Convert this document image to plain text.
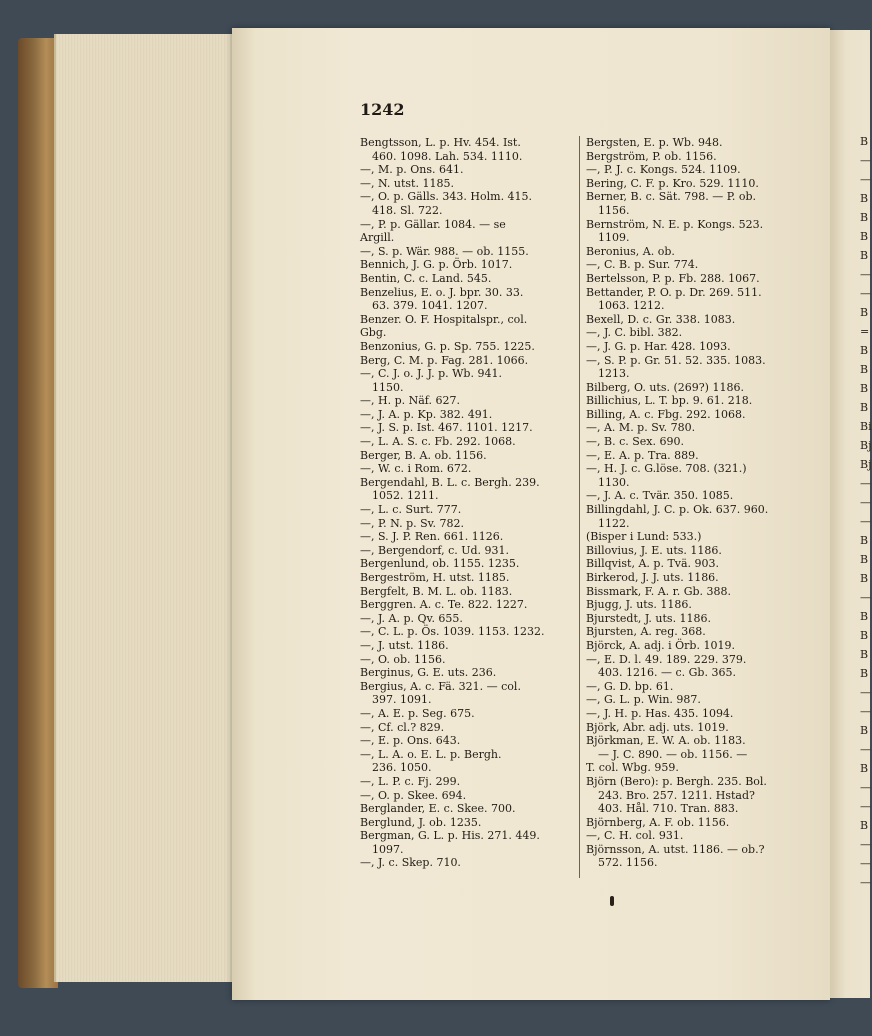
1242
Bengtsson, L. p. Hv. 454. Ist.
460. 1098. Lah. 534. 1110.
—, M. p. Ons. 641.
—, N. utst. 1185.
—, O. p. Gälls. 343. Holm. 415.
418. Sl. 722.
—, P. p. Gällar. 1084. — se
Argill.
—, S. p. Wär. 988. — ob. 1155.
Bennich, J. G. p. Örb. 1017.
Bentin, C. c. Land. 545.
Benzelius, E. o. J. bpr. 30. 33.
63. 379. 1041. 1207.
Benzer. O. F. Hospitalspr., col.
Gbg.
Benzonius, G. p. Sp. 755. 1225.
Berg, C. M. p. Fag. 281. 1066.
—, C. J. o. J. J. p. Wb. 941.
1150.
—, H. p. Näf. 627.
—, J. A. p. Kp. 382. 491.
—, J. S. p. Ist. 467. 1101. 1217.
—, L. A. S. c. Fb. 292. 1068.
Berger, B. A. ob. 1156.
—, W. c. i Rom. 672.
Bergendahl, B. L. c. Bergh. 239.
1052. 1211.
—, L. c. Surt. 777.
—, P. N. p. Sv. 782.
—, S. J. P. Ren. 661. 1126.
—, Bergendorf, c. Ud. 931.
Bergenlund, ob. 1155. 1235.
Bergeström, H. utst. 1185.
Bergfelt, B. M. L. ob. 1183.
Berggren. A. c. Te. 822. 1227.
—, J. A. p. Qv. 655.
—, C. L. p. Ös. 1039. 1153. 1232.
—, J. utst. 1186.
—, O. ob. 1156.
Berginus, G. E. uts. 236.
Bergius, A. c. Fä. 321. — col.
397. 1091.
—, A. E. p. Seg. 675.
—, Cf. cl.? 829.
—, E. p. Ons. 643.
—, L. A. o. E. L. p. Bergh.
236. 1050.
—, L. P. c. Fj. 299.
—, O. p. Skee. 694.
Berglander, E. c. Skee. 700.
Berglund, J. ob. 1235.
Bergman, G. L. p. His. 271. 449.
1097.
—, J. c. Skep. 710.
Bergsten, E. p. Wb. 948.
Bergström, P. ob. 1156.
—, P. J. c. Kongs. 524. 1109.
Bering, C. F. p. Kro. 529. 1110.
Berner, B. c. Sät. 798. — P. ob.
1156.
Bernström, N. E. p. Kongs. 523.
1109.
Beronius, A. ob.
—, C. B. p. Sur. 774.
Bertelsson, P. p. Fb. 288. 1067.
Bettander, P. O. p. Dr. 269. 511.
1063. 1212.
Bexell, D. c. Gr. 338. 1083.
—, J. C. bibl. 382.
—, J. G. p. Har. 428. 1093.
—, S. P. p. Gr. 51. 52. 335. 1083.
1213.
Bilberg, O. uts. (269?) 1186.
Billichius, L. T. bp. 9. 61. 218.
Billing, A. c. Fbg. 292. 1068.
—, A. M. p. Sv. 780.
—, B. c. Sex. 690.
—, E. A. p. Tra. 889.
—, H. J. c. G.löse. 708. (321.)
1130.
—, J. A. c. Tvär. 350. 1085.
Billingdahl, J. C. p. Ok. 637. 960.
1122.
(Bisper i Lund: 533.)
Billovius, J. E. uts. 1186.
Billqvist, A. p. Tvä. 903.
Birkerod, J. J. uts. 1186.
Bissmark, F. A. r. Gb. 388.
Bjugg, J. uts. 1186.
Bjurstedt, J. uts. 1186.
Bjursten, A. reg. 368.
Björck, A. adj. i Örb. 1019.
—, E. D. l. 49. 189. 229. 379.
403. 1216. — c. Gb. 365.
—, G. D. bp. 61.
—, G. L. p. Win. 987.
—, J. H. p. Has. 435. 1094.
Björk, Abr. adj. uts. 1019.
Björkman, E. W. A. ob. 1183.
— J. C. 890. — ob. 1156. —
T. col. Wbg. 959.
Björn (Bero): p. Bergh. 235. Bol.
243. Bro. 257. 1211. Hstad?
403. Hål. 710. Tran. 883.
Björnberg, A. F. ob. 1156.
—, C. H. col. 931.
Björnsson, A. utst. 1186. — ob.?
572. 1156.
B
—
—
B
B
B
B
—
—
B
=
B
B
B
B
Bi
Bj
Bj
—
—
—
B
B
B
—
B
B
B
B
—
—
B
—
B
—
—
B
—
—
—
